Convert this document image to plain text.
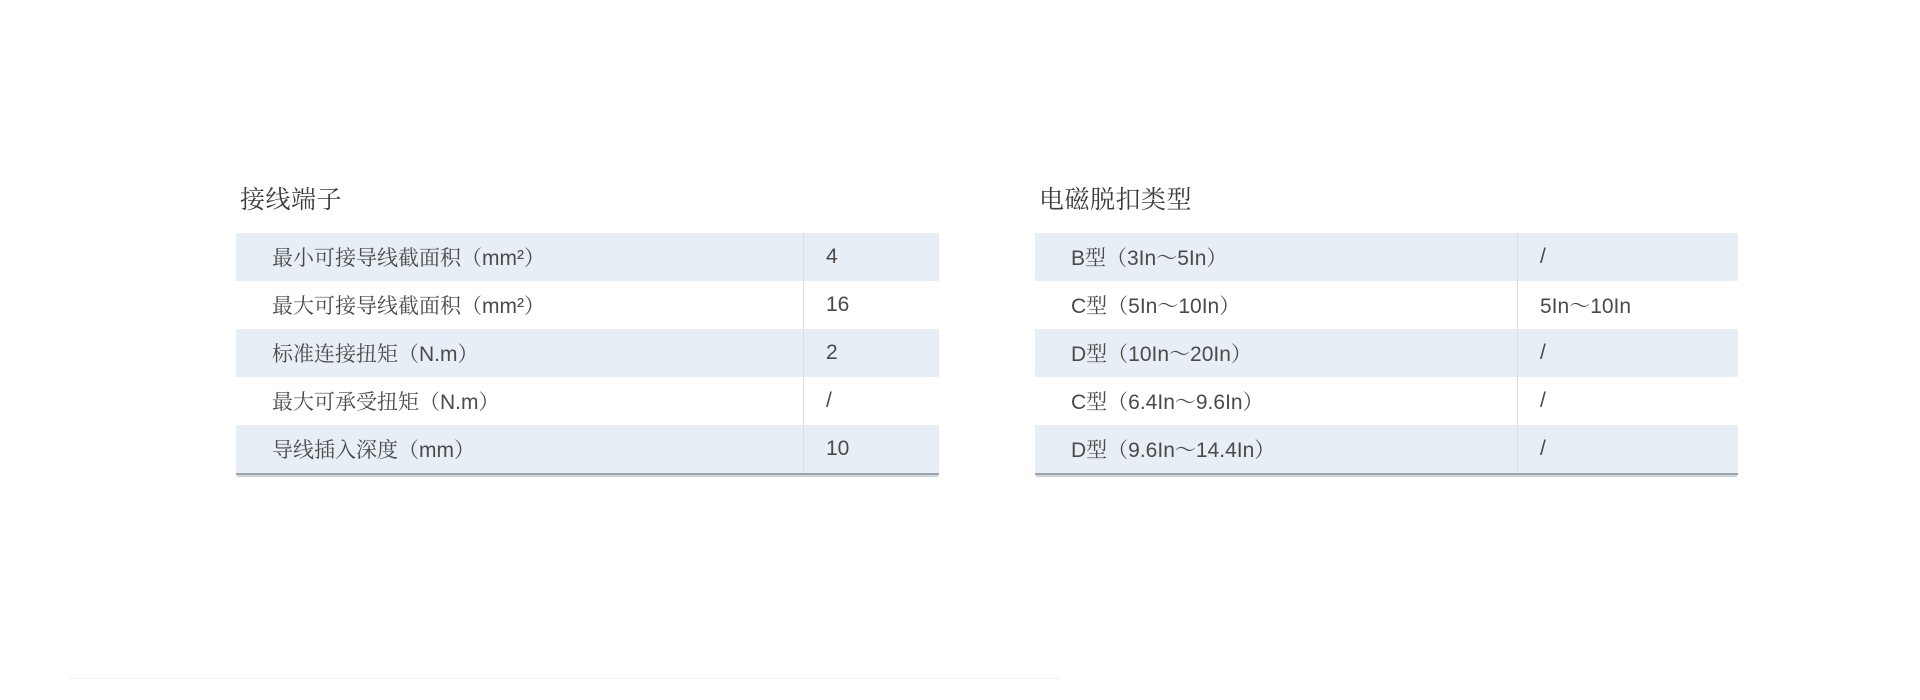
接线端子
最小可接导线截面积（mm²）	4
最大可接导线截面积（mm²）	16
标准连接扭矩（N.m）	2
最大可承受扭矩（N.m）	/
导线插入深度（mm）	10
电磁脱扣类型
B型（3In～5In）	/
C型（5In～10In）	5In～10In
D型（10In～20In）	/
C型（6.4In～9.6In）	/
D型（9.6In～14.4In）	/
